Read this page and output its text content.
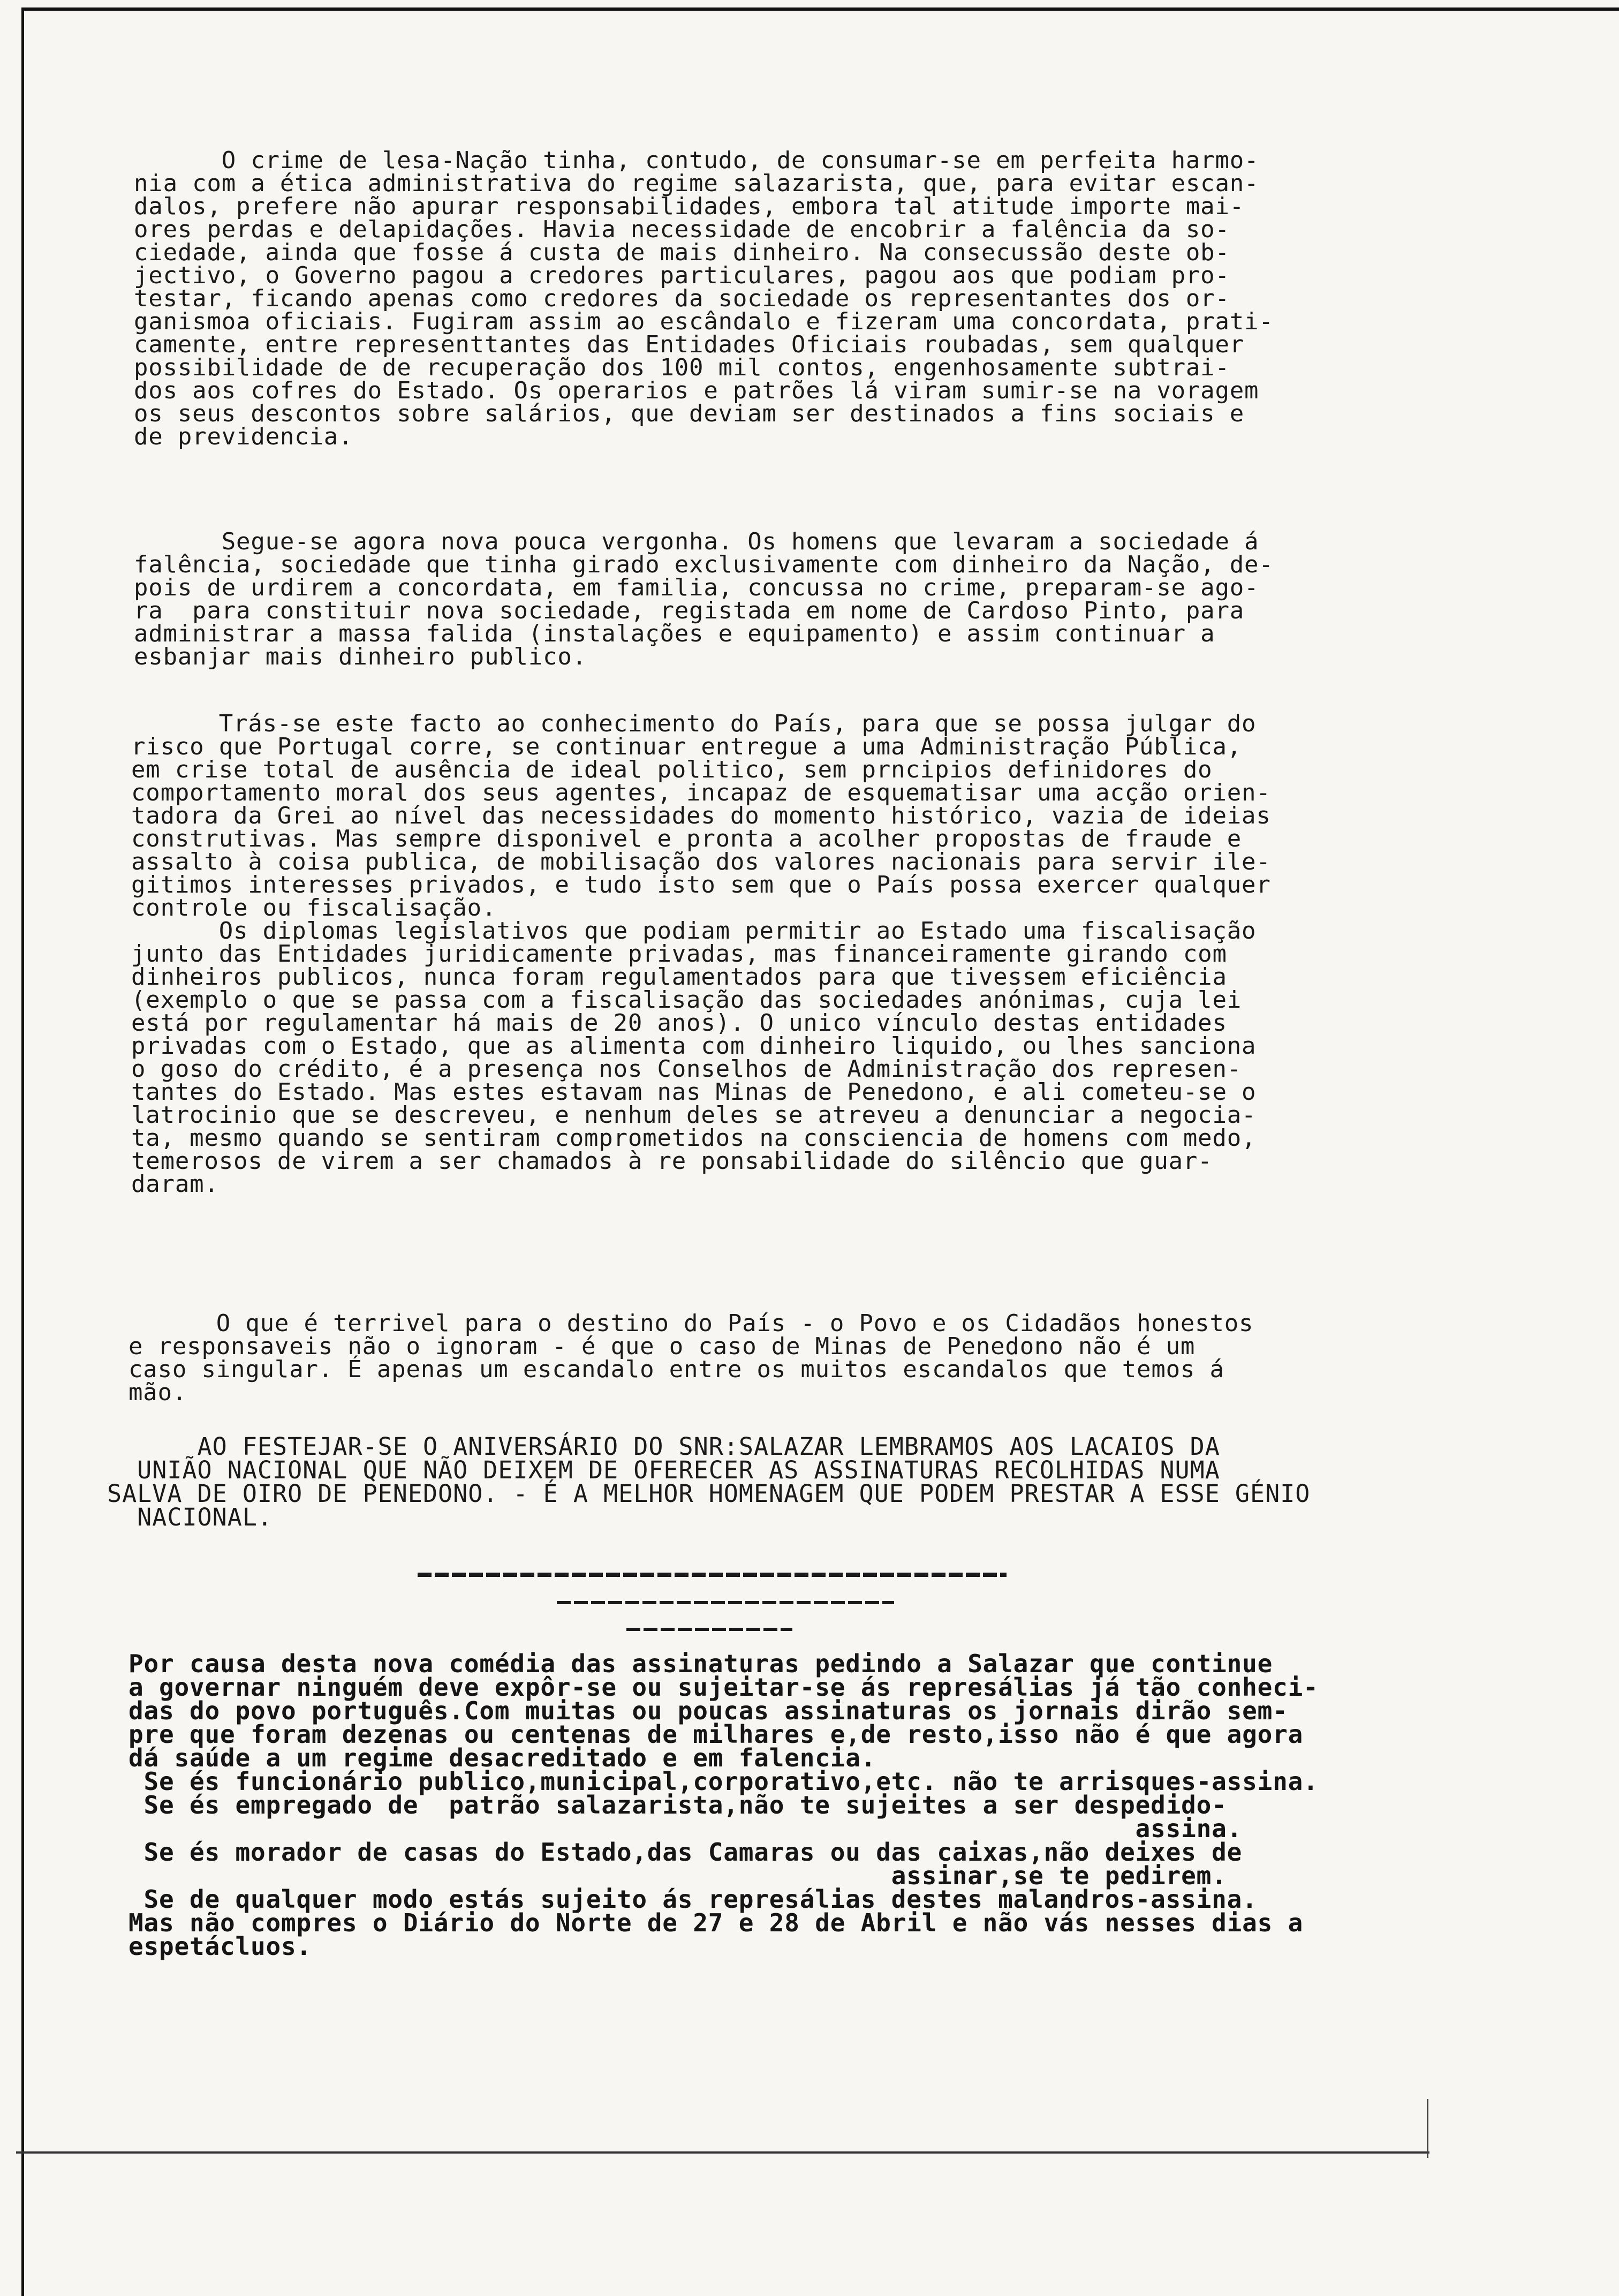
O crime de lesa-Nação tinha, contudo, de consumar-se em perfeita harmo-
nia com a ética administrativa do regime salazarista, que, para evitar escan-
dalos, prefere não apurar responsabilidades, embora tal atitude importe mai-
ores perdas e delapidações. Havia necessidade de encobrir a falência da so-
ciedade, ainda que fosse á custa de mais dinheiro. Na consecussão deste ob-
jectivo, o Governo pagou a credores particulares, pagou aos que podiam pro-
testar, ficando apenas como credores da sociedade os representantes dos or-
ganismoa oficiais. Fugiram assim ao escândalo e fizeram uma concordata, prati-
camente, entre representtantes das Entidades Oficiais roubadas, sem qualquer
possibilidade de de recuperação dos 100 mil contos, engenhosamente subtrai-
dos aos cofres do Estado. Os operarios e patrões lá viram sumir-se na voragem
os seus descontos sobre salários, que deviam ser destinados a fins sociais e
de previdencia.
Segue-se agora nova pouca vergonha. Os homens que levaram a sociedade á
falência, sociedade que tinha girado exclusivamente com dinheiro da Nação, de-
pois de urdirem a concordata, em familia, concussa no crime, preparam-se ago-
ra  para constituir nova sociedade, registada em nome de Cardoso Pinto, para
administrar a massa falida (instalações e equipamento) e assim continuar a
esbanjar mais dinheiro publico.
Trás-se este facto ao conhecimento do País, para que se possa julgar do
risco que Portugal corre, se continuar entregue a uma Administração Pública,
em crise total de ausência de ideal politico, sem prncipios definidores do
comportamento moral dos seus agentes, incapaz de esquematisar uma acção orien-
tadora da Grei ao nível das necessidades do momento histórico, vazia de ideias
construtivas. Mas sempre disponivel e pronta a acolher propostas de fraude e
assalto à coisa publica, de mobilisação dos valores nacionais para servir ile-
gitimos interesses privados, e tudo isto sem que o País possa exercer qualquer
controle ou fiscalisação.
Os diplomas legislativos que podiam permitir ao Estado uma fiscalisação
junto das Entidades juridicamente privadas, mas financeiramente girando com
dinheiros publicos, nunca foram regulamentados para que tivessem eficiência
(exemplo o que se passa com a fiscalisação das sociedades anónimas, cuja lei
está por regulamentar há mais de 20 anos). O unico vínculo destas entidades
privadas com o Estado, que as alimenta com dinheiro liquido, ou lhes sanciona
o goso do crédito, é a presença nos Conselhos de Administração dos represen-
tantes do Estado. Mas estes estavam nas Minas de Penedono, e ali cometeu-se o
latrocinio que se descreveu, e nenhum deles se atreveu a denunciar a negocia-
ta, mesmo quando se sentiram comprometidos na consciencia de homens com medo,
temerosos de virem a ser chamados à re ponsabilidade do silêncio que guar-
daram.
O que é terrivel para o destino do País - o Povo e os Cidadãos honestos
e responsaveis não o ignoram - é que o caso de Minas de Penedono não é um
caso singular. É apenas um escandalo entre os muitos escandalos que temos á
mão.
AO FESTEJAR-SE O ANIVERSÁRIO DO SNR:SALAZAR LEMBRAMOS AOS LACAIOS DA
UNIÃO NACIONAL QUE NÃO DEIXEM DE OFERECER AS ASSINATURAS RECOLHIDAS NUMA
SALVA DE OIRO DE PENEDONO. - É A MELHOR HOMENAGEM QUE PODEM PRESTAR A ESSE GÉNIO
NACIONAL.
Por causa desta nova comédia das assinaturas pedindo a Salazar que continue
a governar ninguém deve expôr-se ou sujeitar-se ás represálias já tão conheci-
das do povo português.Com muitas ou poucas assinaturas os jornais dirão sem-
pre que foram dezenas ou centenas de milhares e,de resto,isso não é que agora
dá saúde a um regime desacreditado e em falencia.
Se és funcionário publico,municipal,corporativo,etc. não te arrisques-assina.
Se és empregado de  patrão salazarista,não te sujeites a ser despedido-
assina.
Se és morador de casas do Estado,das Camaras ou das caixas,não deixes de
assinar,se te pedirem.
Se de qualquer modo estás sujeito ás represálias destes malandros-assina.
Mas não compres o Diário do Norte de 27 e 28 de Abril e não vás nesses dias a
espetácluos.
